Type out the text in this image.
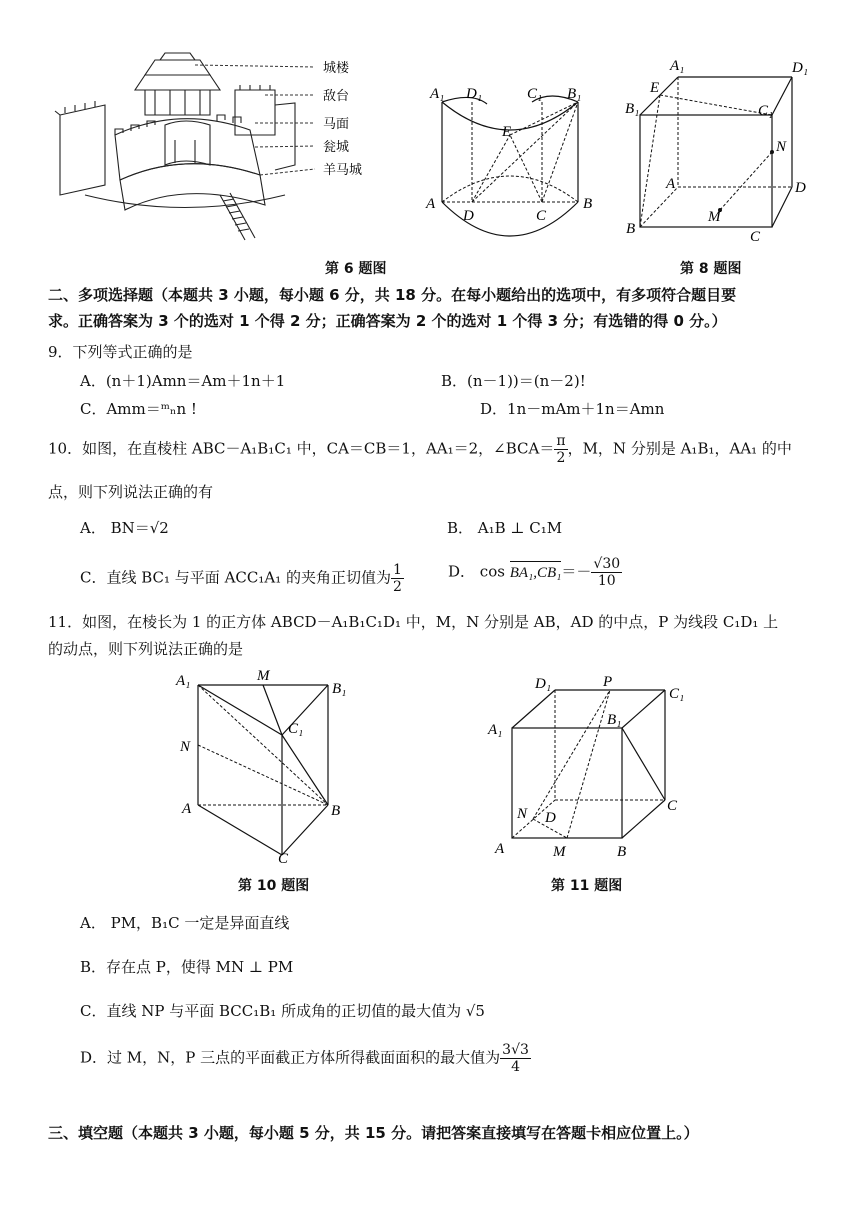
城楼
敌台
马面
瓮城
羊马城
A₁ D₁	C₁ B₁
E
A
D	C
B
A₁	D₁
B₁	C₁
E
N
A	D
M
B	C
第 6 题图	第 8 题图
二、多项选择题（本题共 3 小题，每小题 6 分，共 18 分。在每小题给出的选项中，有多项符合题目要
求。正确答案为 3 个的选对 1 个得 2 分；正确答案为 2 个的选对 1 个得 3 分；有选错的得 0 分。）
9．下列等式正确的是
A．(n＋1)Amn＝Am＋1n＋1	B．(n－1))＝(n－2)!
C．Amm＝ᵐₙn !	D．1n－mAm＋1n＝Amn
10．如图，在直棱柱 ABC－A₁B₁C₁ 中，CA＝CB＝1，AA₁＝2，∠BCA＝ $\frac{\pi}{2}$ ，M，N 分别是 A₁B₁，AA₁ 的中
点，则下列说法正确的有
A． BN＝√2	B． A₁B ⊥ C₁M
C．直线 BC₁ 与平面 ACC₁A₁ 的夹角正切值为 $\frac{1}{2}$	D． $\cos BA_1,CB_1=- \frac{√30}{10}$
11．如图，在棱长为 1 的正方体 ABCD－A₁B₁C₁D₁ 中，M，N 分别是 AB，AD 的中点，P 为线段 C₁D₁ 上
的动点，则下列说法正确的是
A₁	M
B₁
C₁
N
A	B
C
D₁	P
C₁
B₁
A₁
N D
C
A	M	B
第 10 题图	第 11 题图
A． PM，B₁C 一定是异面直线
B．存在点 P，使得 MN ⊥ PM
C．直线 NP 与平面 BCC₁B₁ 所成角的正切值的最大值为 √5
D．过 M，N，P 三点的平面截正方体所得截面面积的最大值为 $\frac{3√3}{4}$
三、填空题（本题共 3 小题，每小题 5 分，共 15 分。请把答案直接填写在答题卡相应位置上。）
